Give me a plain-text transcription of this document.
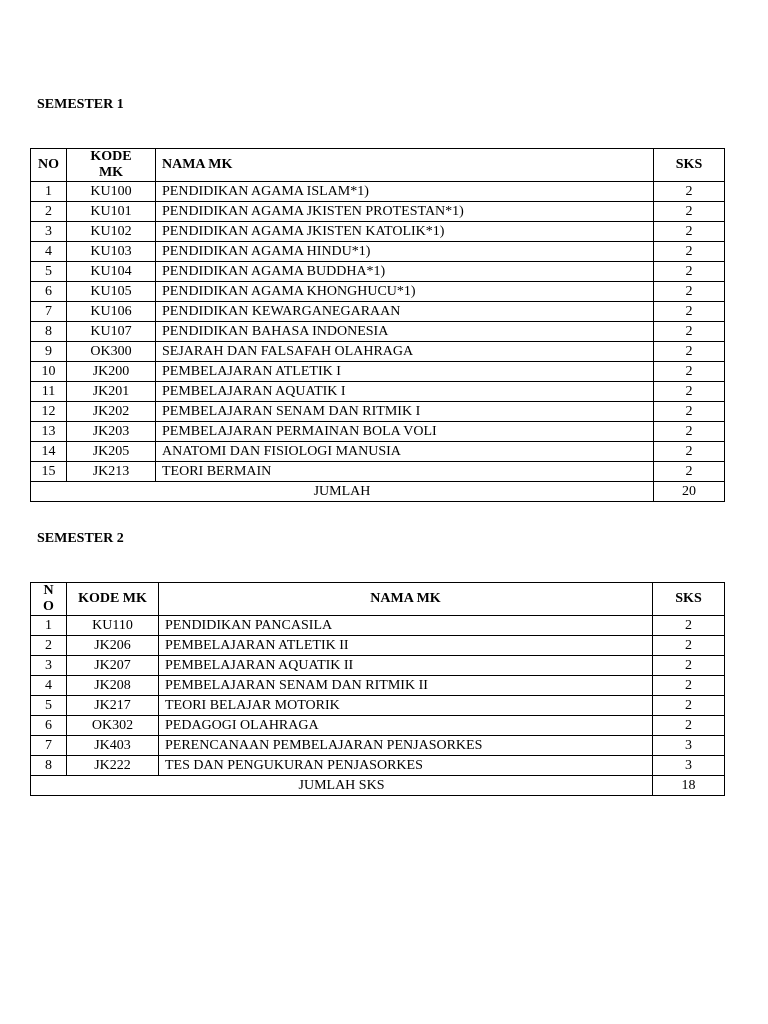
SEMESTER 1

NO	KODE MK	NAMA MK	SKS
1	KU100	PENDIDIKAN AGAMA ISLAM*1)	2
2	KU101	PENDIDIKAN AGAMA JKISTEN PROTESTAN*1)	2
3	KU102	PENDIDIKAN AGAMA JKISTEN KATOLIK*1)	2
4	KU103	PENDIDIKAN AGAMA HINDU*1)	2
5	KU104	PENDIDIKAN AGAMA BUDDHA*1)	2
6	KU105	PENDIDIKAN AGAMA KHONGHUCU*1)	2
7	KU106	PENDIDIKAN KEWARGANEGARAAN	2
8	KU107	PENDIDIKAN BAHASA INDONESIA	2
9	OK300	SEJARAH DAN FALSAFAH OLAHRAGA	2
10	JK200	PEMBELAJARAN ATLETIK I	2
11	JK201	PEMBELAJARAN AQUATIK I	2
12	JK202	PEMBELAJARAN SENAM DAN RITMIK I	2
13	JK203	PEMBELAJARAN PERMAINAN BOLA VOLI	2
14	JK205	ANATOMI DAN FISIOLOGI MANUSIA	2
15	JK213	TEORI BERMAIN	2
JUMLAH			20

SEMESTER 2

N O	KODE MK	NAMA MK	SKS
1	KU110	PENDIDIKAN PANCASILA	2
2	JK206	PEMBELAJARAN ATLETIK II	2
3	JK207	PEMBELAJARAN AQUATIK II	2
4	JK208	PEMBELAJARAN SENAM DAN RITMIK II	2
5	JK217	TEORI BELAJAR MOTORIK	2
6	OK302	PEDAGOGI OLAHRAGA	2
7	JK403	PERENCANAAN PEMBELAJARAN PENJASORKES	3
8	JK222	TES DAN PENGUKURAN PENJASORKES	3
JUMLAH SKS			18
